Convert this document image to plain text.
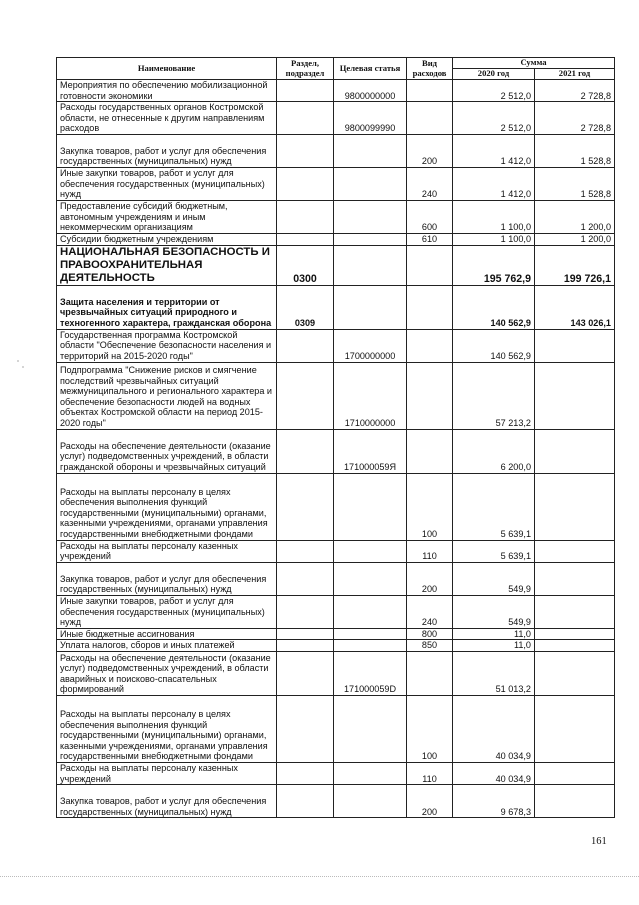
Наименование	Раздел, подраздел	Целевая статья	Вид расходов	Сумма	
				2020 год	2021 год
Мероприятия по обеспечению мобилизационной готовности экономики		9800000000		2 512,0	2 728,8
Расходы государственных органов Костромской области, не отнесенные к другим направлениям расходов		9800099990		2 512,0	2 728,8
Закупка товаров, работ и услуг для обеспечения государственных (муниципальных) нужд			200	1 412,0	1 528,8
Иные закупки товаров, работ и услуг для обеспечения государственных (муниципальных) нужд			240	1 412,0	1 528,8
Предоставление субсидий бюджетным, автономным учреждениям и иным некоммерческим организациям			600	1 100,0	1 200,0
Субсидии бюджетным учреждениям			610	1 100,0	1 200,0
НАЦИОНАЛЬНАЯ БЕЗОПАСНОСТЬ И ПРАВООХРАНИТЕЛЬНАЯ ДЕЯТЕЛЬНОСТЬ	0300			195 762,9	199 726,1
Защита населения и территории от чрезвычайных ситуаций природного и техногенного характера, гражданская оборона	0309			140 562,9	143 026,1
Государственная программа Костромской области "Обеспечение безопасности населения и территорий на 2015-2020 годы"		1700000000		140 562,9	
Подпрограмма "Снижение рисков и смягчение последствий чрезвычайных ситуаций межмуниципального и регионального характера и обеспечение безопасности людей на водных объектах Костромской области на период 2015-2020 годы"		1710000000		57 213,2	
Расходы на обеспечение деятельности (оказание услуг) подведомственных учреждений, в области гражданской обороны и чрезвычайных ситуаций		171000059Я		6 200,0	
Расходы на выплаты персоналу в целях обеспечения выполнения функций государственными (муниципальными) органами, казенными учреждениями, органами управления государственными внебюджетными фондами			100	5 639,1	
Расходы на выплаты персоналу казенных учреждений			110	5 639,1	
Закупка товаров, работ и услуг для обеспечения государственных (муниципальных) нужд			200	549,9	
Иные закупки товаров, работ и услуг для обеспечения государственных (муниципальных) нужд			240	549,9	
Иные бюджетные ассигнования			800	11,0	
Уплата налогов, сборов и иных платежей			850	11,0	
Расходы на обеспечение деятельности (оказание услуг) подведомственных учреждений, в области аварийных и поисково-спасательных формирований		171000059D		51 013,2	
Расходы на выплаты персоналу в целях обеспечения выполнения функций государственными (муниципальными) органами, казенными учреждениями, органами управления государственными внебюджетными фондами			100	40 034,9	
Расходы на выплаты персоналу казенных учреждений			110	40 034,9	
Закупка товаров, работ и услуг для обеспечения государственных (муниципальных) нужд			200	9 678,3	
161
